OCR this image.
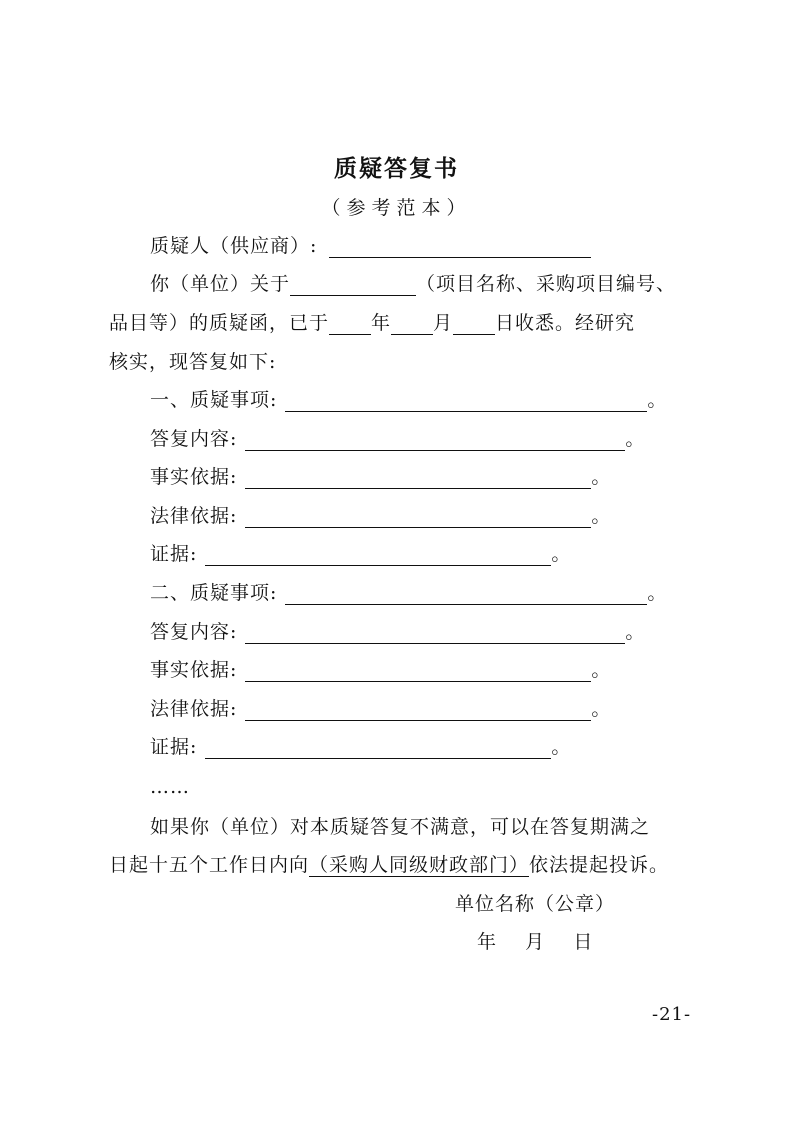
质疑答复书
（参考范本）
质疑人（供应商）:
你（单位）关于	（项目名称、采购项目编号、
品目等）的质疑函，已于 年 月 日收悉。经研究
核实，现答复如下:
一、质疑事项:	。
答复内容:	。
事实依据:	。
法律依据:	。
证据:	。
二、质疑事项:	。
答复内容:	。
事实依据:	。
法律依据:	。
证据:	。
……
如果你（单位）对本质疑答复不满意，可以在答复期满之
日起十五个工作日内向（采购人同级财政部门）依法提起投诉。
单位名称（公章）
年    月    日
-21-
